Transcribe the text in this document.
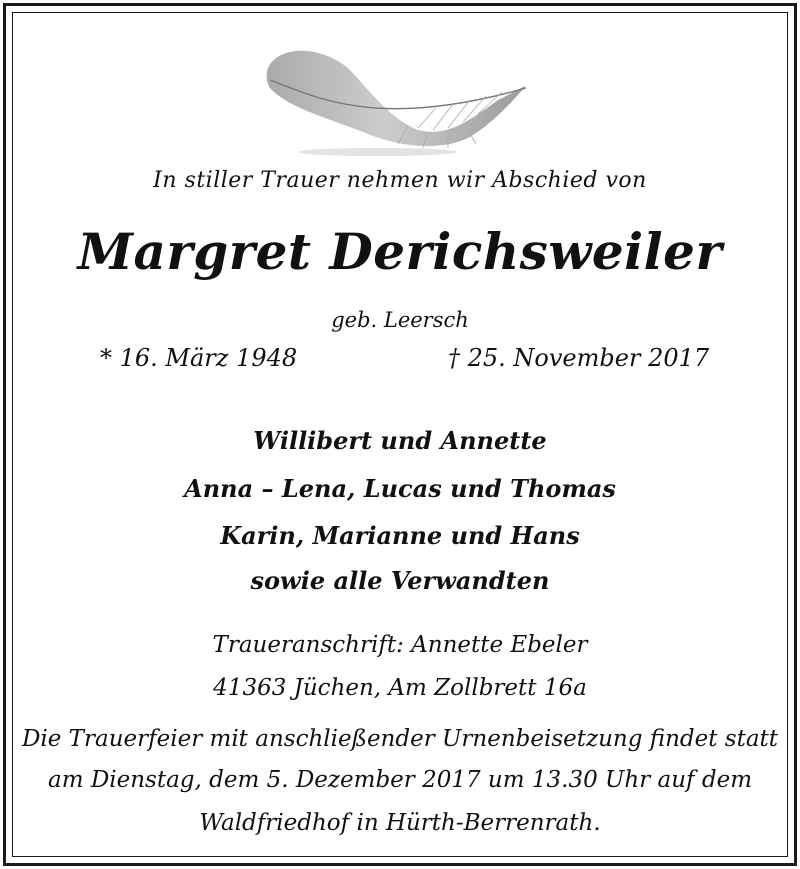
In stiller Trauer nehmen wir Abschied von
Margret Derichsweiler
geb. Leersch
* 16. März 1948	† 25. November 2017
Willibert und Annette
Anna – Lena, Lucas und Thomas
Karin, Marianne und Hans
sowie alle Verwandten
Traueranschrift: Annette Ebeler
41363 Jüchen, Am Zollbrett 16a
Die Trauerfeier mit anschließender Urnenbeisetzung findet statt
am Dienstag, dem 5. Dezember 2017 um 13.30 Uhr auf dem
Waldfriedhof in Hürth-Berrenrath.
